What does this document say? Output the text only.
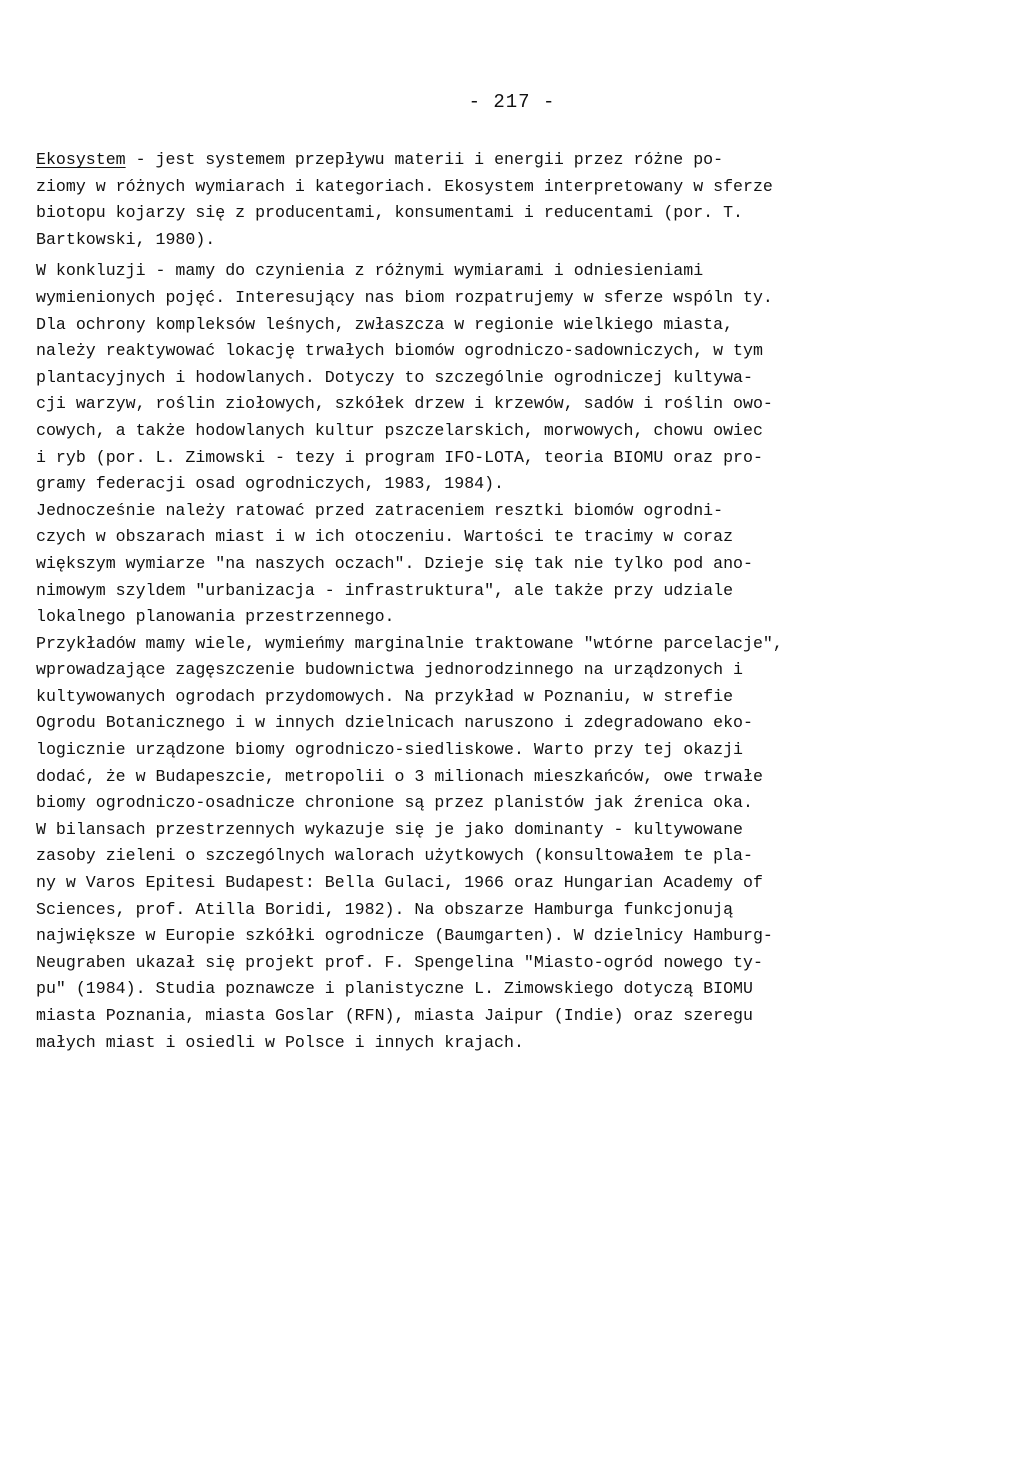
- 217 -
Ekosystem - jest systemem przepływu materii i energii przez różne po-
ziomy w różnych wymiarach i kategoriach. Ekosystem interpretowany w sferze
biotopu kojarzy się z producentami, konsumentami i reducentami (por. T.
Bartkowski, 1980).
W konkluzji - mamy do czynienia z różnymi wymiarami i odniesieniami
wymienionych pojęć. Interesujący nas biom rozpatrujemy w sferze wspóln ty.
Dla ochrony kompleksów leśnych, zwłaszcza w regionie wielkiego miasta,
należy reaktywować lokację trwałych biomów ogrodniczo-sadowniczych, w tym
plantacyjnych i hodowlanych. Dotyczy to szczególnie ogrodniczej kultywa-
cji warzyw, roślin ziołowych, szkółek drzew i krzewów, sadów i roślin owo-
cowych, a także hodowlanych kultur pszczelarskich, morwowych, chowu owiec
i ryb (por. L. Zimowski - tezy i program IFO-LOTA, teoria BIOMU oraz pro-
gramy federacji osad ogrodniczych, 1983, 1984).
Jednocześnie należy ratować przed zatraceniem resztki biomów ogrodni-
czych w obszarach miast i w ich otoczeniu. Wartości te tracimy w coraz
większym wymiarze "na naszych oczach". Dzieje się tak nie tylko pod ano-
nimowym szyldem "urbanizacja - infrastruktura", ale także przy udziale
lokalnego planowania przestrzennego.
Przykładów mamy wiele, wymieńmy marginalnie traktowane "wtórne parcelacje",
wprowadzające zagęszczenie budownictwa jednorodzinnego na urządzonych i
kultywowanych ogrodach przydomowych. Na przykład w Poznaniu, w strefie
Ogrodu Botanicznego i w innych dzielnicach naruszono i zdegradowano eko-
logicznie urządzone biomy ogrodniczo-siedliskowe. Warto przy tej okazji
dodać, że w Budapeszcie, metropolii o 3 milionach mieszkańców, owe trwałe
biomy ogrodniczo-osadnicze chronione są przez planistów jak źrenica oka.
W bilansach przestrzennych wykazuje się je jako dominanty - kultywowane
zasoby zieleni o szczególnych walorach użytkowych (konsultowałem te pla-
ny w Varos Epitesi Budapest: Bella Gulaci, 1966 oraz Hungarian Academy of
Sciences, prof. Atilla Boridi, 1982). Na obszarze Hamburga funkcjonują
największe w Europie szkółki ogrodnicze (Baumgarten). W dzielnicy Hamburg-
Neugraben ukazał się projekt prof. F. Spengelina "Miasto-ogród nowego ty-
pu" (1984). Studia poznawcze i planistyczne L. Zimowskiego dotyczą BIOMU
miasta Poznania, miasta Goslar (RFN), miasta Jaipur (Indie) oraz szeregu
małych miast i osiedli w Polsce i innych krajach.
